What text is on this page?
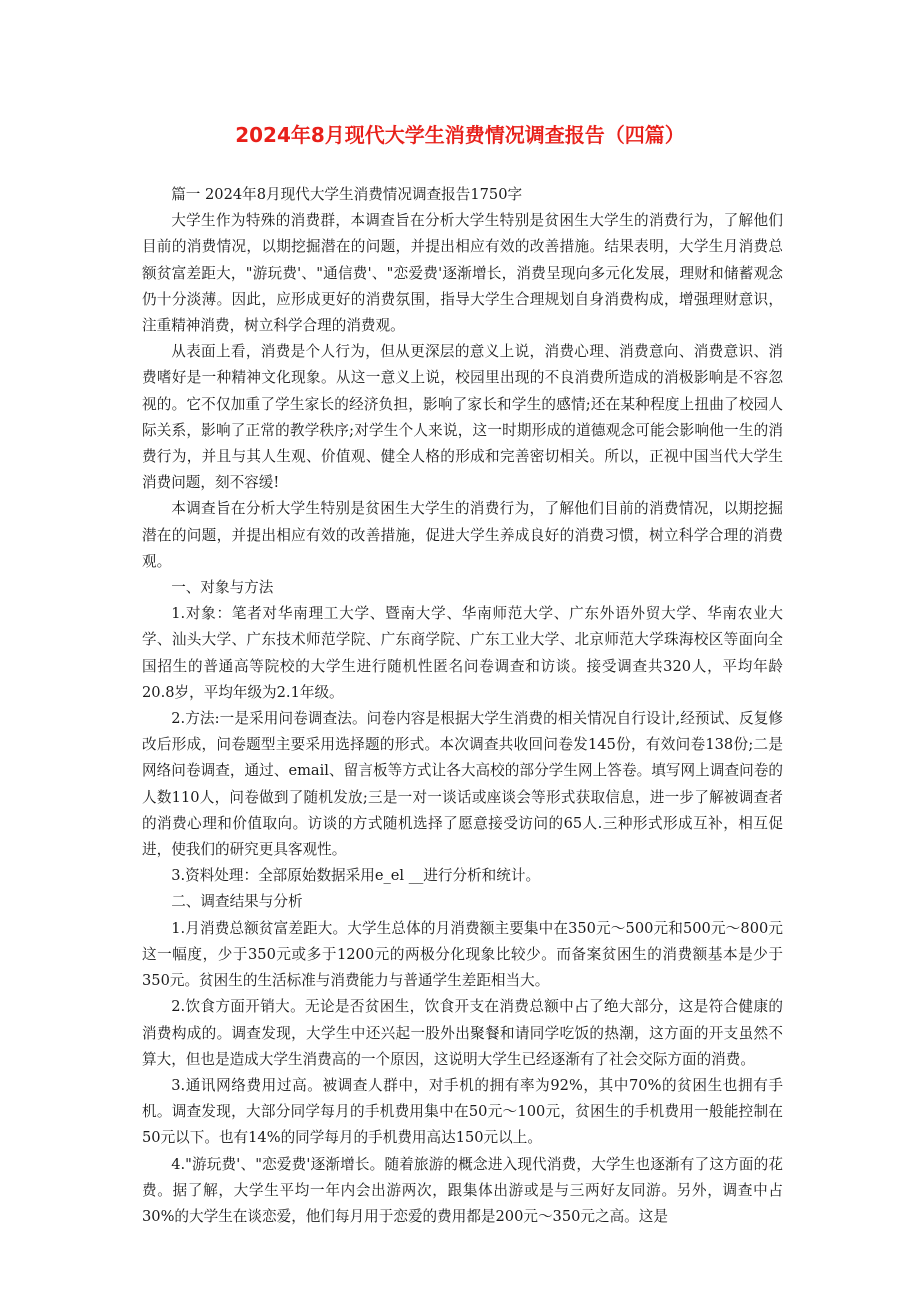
2024年8月现代大学生消费情况调查报告（四篇）

篇一 2024年8月现代大学生消费情况调查报告1750字

大学生作为特殊的消费群，本调查旨在分析大学生特别是贫困生大学生的消费行为，了解他们目前的消费情况，以期挖掘潜在的问题，并提出相应有效的改善措施。结果表明，大学生月消费总额贫富差距大，"游玩费'、"通信费'、"恋爱费'逐渐增长，消费呈现向多元化发展，理财和储蓄观念仍十分淡薄。因此，应形成更好的消费氛围，指导大学生合理规划自身消费构成，增强理财意识，注重精神消费，树立科学合理的消费观。

从表面上看，消费是个人行为，但从更深层的意义上说，消费心理、消费意向、消费意识、消费嗜好是一种精神文化现象。从这一意义上说，校园里出现的不良消费所造成的消极影响是不容忽视的。它不仅加重了学生家长的经济负担，影响了家长和学生的感情;还在某种程度上扭曲了校园人际关系，影响了正常的教学秩序;对学生个人来说，这一时期形成的道德观念可能会影响他一生的消费行为，并且与其人生观、价值观、健全人格的形成和完善密切相关。所以，正视中国当代大学生消费问题，刻不容缓!

本调查旨在分析大学生特别是贫困生大学生的消费行为，了解他们目前的消费情况，以期挖掘潜在的问题，并提出相应有效的改善措施，促进大学生养成良好的消费习惯，树立科学合理的消费观。

一、对象与方法

1.对象：笔者对华南理工大学、暨南大学、华南师范大学、广东外语外贸大学、华南农业大学、汕头大学、广东技术师范学院、广东商学院、广东工业大学、北京师范大学珠海校区等面向全国招生的普通高等院校的大学生进行随机性匿名问卷调查和访谈。接受调查共320人，平均年龄20.8岁，平均年级为2.1年级。

2.方法:一是采用问卷调查法。问卷内容是根据大学生消费的相关情况自行设计,经预试、反复修改后形成，问卷题型主要采用选择题的形式。本次调查共收回问卷发145份，有效问卷138份;二是网络问卷调查，通过、email、留言板等方式让各大高校的部分学生网上答卷。填写网上调查问卷的人数110人，问卷做到了随机发放;三是一对一谈话或座谈会等形式获取信息，进一步了解被调查者的消费心理和价值取向。访谈的方式随机选择了愿意接受访问的65人.三种形式形成互补，相互促进，使我们的研究更具客观性。

3.资料处理：全部原始数据采用e_el __进行分析和统计。

二、调查结果与分析

1.月消费总额贫富差距大。大学生总体的月消费额主要集中在350元～500元和500元～800元这一幅度，少于350元或多于1200元的两极分化现象比较少。而备案贫困生的消费额基本是少于350元。贫困生的生活标准与消费能力与普通学生差距相当大。

2.饮食方面开销大。无论是否贫困生，饮食开支在消费总额中占了绝大部分，这是符合健康的消费构成的。调查发现，大学生中还兴起一股外出聚餐和请同学吃饭的热潮，这方面的开支虽然不算大，但也是造成大学生消费高的一个原因，这说明大学生已经逐渐有了社会交际方面的消费。

3.通讯网络费用过高。被调查人群中，对手机的拥有率为92%，其中70%的贫困生也拥有手机。调查发现，大部分同学每月的手机费用集中在50元～100元，贫困生的手机费用一般能控制在50元以下。也有14%的同学每月的手机费用高达150元以上。

4."游玩费'、"恋爱费'逐渐增长。随着旅游的概念进入现代消费，大学生也逐渐有了这方面的花费。据了解，大学生平均一年内会出游两次，跟集体出游或是与三两好友同游。另外，调查中占30%的大学生在谈恋爱，他们每月用于恋爱的费用都是200元～350元之高。这是
